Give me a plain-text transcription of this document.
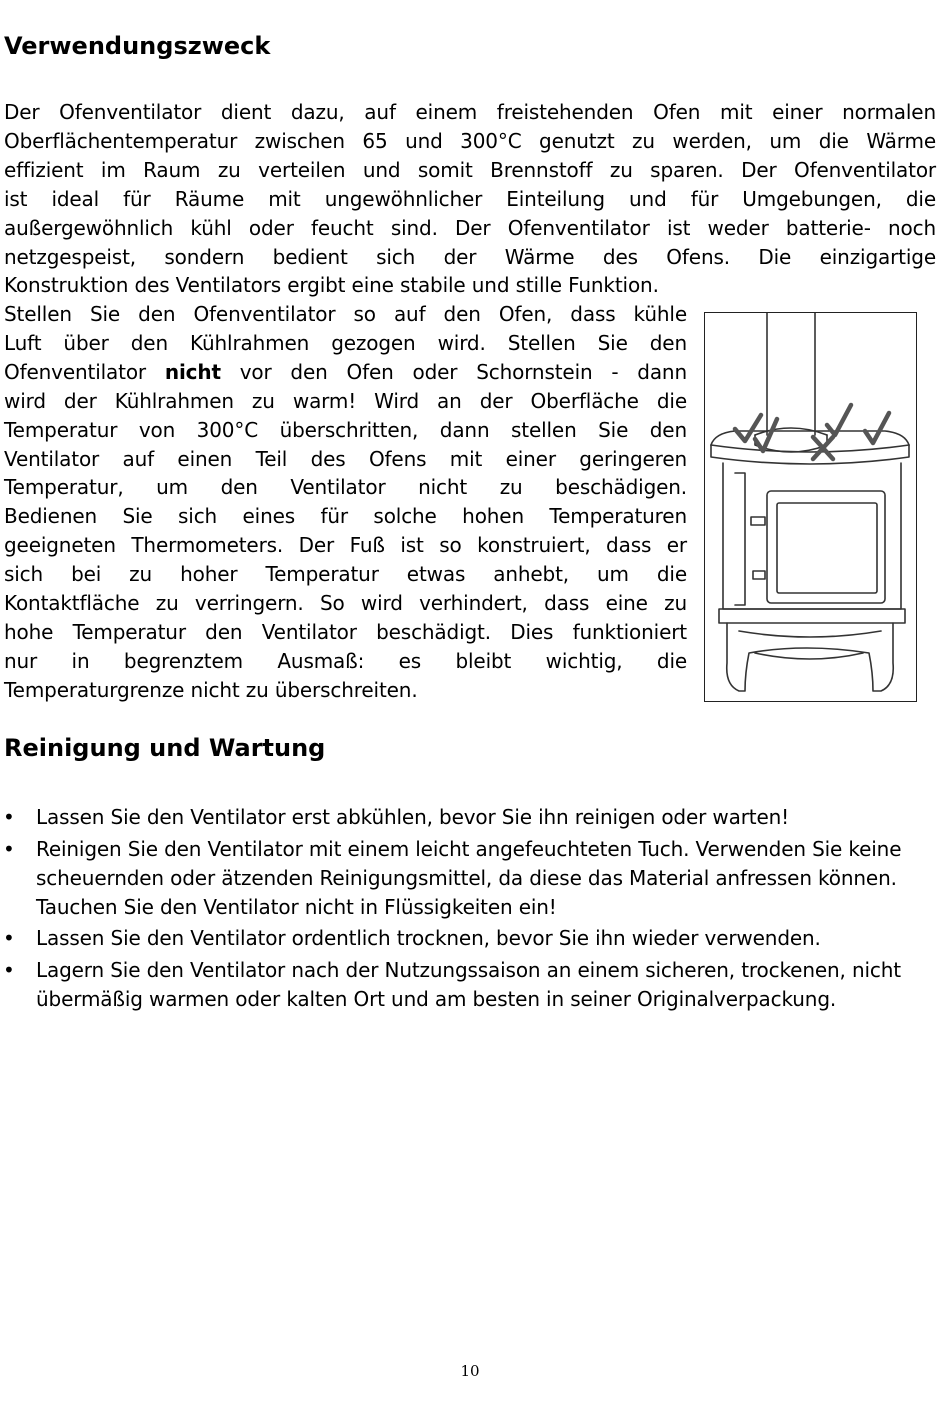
Verwendungszweck
Der Ofenventilator dient dazu, auf einem freistehenden Ofen mit einer normalen
Oberflächentemperatur zwischen 65 und 300°C genutzt zu werden, um die Wärme
effizient im Raum zu verteilen und somit Brennstoff zu sparen. Der Ofenventilator
ist ideal für Räume mit ungewöhnlicher Einteilung und für Umgebungen, die
außergewöhnlich kühl oder feucht sind. Der Ofenventilator ist weder batterie- noch
netzgespeist, sondern bedient sich der Wärme des Ofens. Die einzigartige
Konstruktion des Ventilators ergibt eine stabile und stille Funktion.
Stellen Sie den Ofenventilator so auf den Ofen, dass kühle
Luft über den Kühlrahmen gezogen wird. Stellen Sie den
Ofenventilator nicht vor den Ofen oder Schornstein - dann
wird der Kühlrahmen zu warm! Wird an der Oberfläche die
Temperatur von 300°C überschritten, dann stellen Sie den
Ventilator auf einen Teil des Ofens mit einer geringeren
Temperatur, um den Ventilator nicht zu beschädigen.
Bedienen Sie sich eines für solche hohen Temperaturen
geeigneten Thermometers. Der Fuß ist so konstruiert, dass er
sich bei zu hoher Temperatur etwas anhebt, um die
Kontaktfläche zu verringern. So wird verhindert, dass eine zu
hohe Temperatur den Ventilator beschädigt. Dies funktioniert
nur in begrenztem Ausmaß: es bleibt wichtig, die
Temperaturgrenze nicht zu überschreiten.
Reinigung und Wartung
• Lassen Sie den Ventilator erst abkühlen, bevor Sie ihn reinigen oder warten!
• Reinigen Sie den Ventilator mit einem leicht angefeuchteten Tuch. Verwenden Sie keine scheuernden oder ätzenden Reinigungsmittel, da diese das Material anfressen können. Tauchen Sie den Ventilator nicht in Flüssigkeiten ein!
• Lassen Sie den Ventilator ordentlich trocknen, bevor Sie ihn wieder verwenden.
• Lagern Sie den Ventilator nach der Nutzungssaison an einem sicheren, trockenen, nicht übermäßig warmen oder kalten Ort und am besten in seiner Originalverpackung.
10
